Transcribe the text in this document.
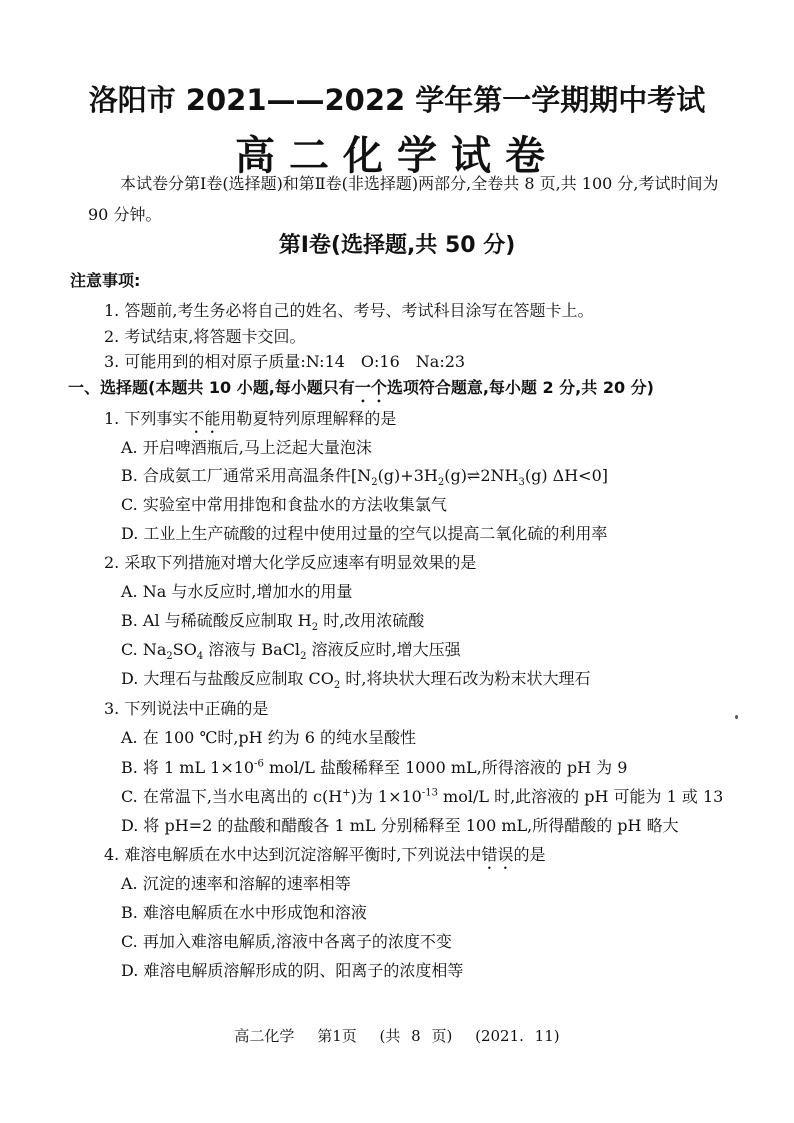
洛阳市 2021——2022 学年第一学期期中考试
高二化学试卷
本试卷分第Ⅰ卷(选择题)和第Ⅱ卷(非选择题)两部分,全卷共 8 页,共 100 分,考试时间为 90 分钟。
第Ⅰ卷(选择题,共 50 分)
注意事项:
1. 答题前,考生务必将自己的姓名、考号、考试科目涂写在答题卡上。
2. 考试结束,将答题卡交回。
3. 可能用到的相对原子质量:N:14　O:16　Na:23
一、选择题(本题共 10 小题,每小题只有一个选项符合题意,每小题 2 分,共 20 分)
1. 下列事实不能用勒夏特列原理解释的是
A. 开启啤酒瓶后,马上泛起大量泡沫
B. 合成氨工厂通常采用高温条件[$N_2(g)+3H_2(g)\rightleftharpoons 2NH_3(g)$ ΔH<0]
C. 实验室中常用排饱和食盐水的方法收集氯气
D. 工业上生产硫酸的过程中使用过量的空气以提高二氧化硫的利用率
2. 采取下列措施对增大化学反应速率有明显效果的是
A. Na 与水反应时,增加水的用量
B. Al 与稀硫酸反应制取 $H_2$ 时,改用浓硫酸
C. $Na_2SO_4$ 溶液与 BaCl$_2$ 溶液反应时,增大压强
D. 大理石与盐酸反应制取 $CO_2$ 时,将块状大理石改为粉末状大理石
3. 下列说法中正确的是
A. 在 100 ℃时,pH 约为 6 的纯水呈酸性
B. 将 1 mL $1\times 10^{-6}$ mol/L 盐酸稀释至 1000 mL,所得溶液的 pH 为 9
C. 在常温下,当水电离出的 c(H+)为 $1\times 10^{-13}$ mol/L 时,此溶液的 pH 可能为 1 或 13
D. 将 pH=2 的盐酸和醋酸各 1 mL 分别稀释至 100 mL,所得醋酸的 pH 略大
4. 难溶电解质在水中达到沉淀溶解平衡时,下列说法中错误的是
A. 沉淀的速率和溶解的速率相等
B. 难溶电解质在水中形成饱和溶液
C. 再加入难溶电解质,溶液中各离子的浓度不变
D. 难溶电解质溶解形成的阴、阳离子的浓度相等
高二化学 第1页 (共 8 页) (2021. 11)
